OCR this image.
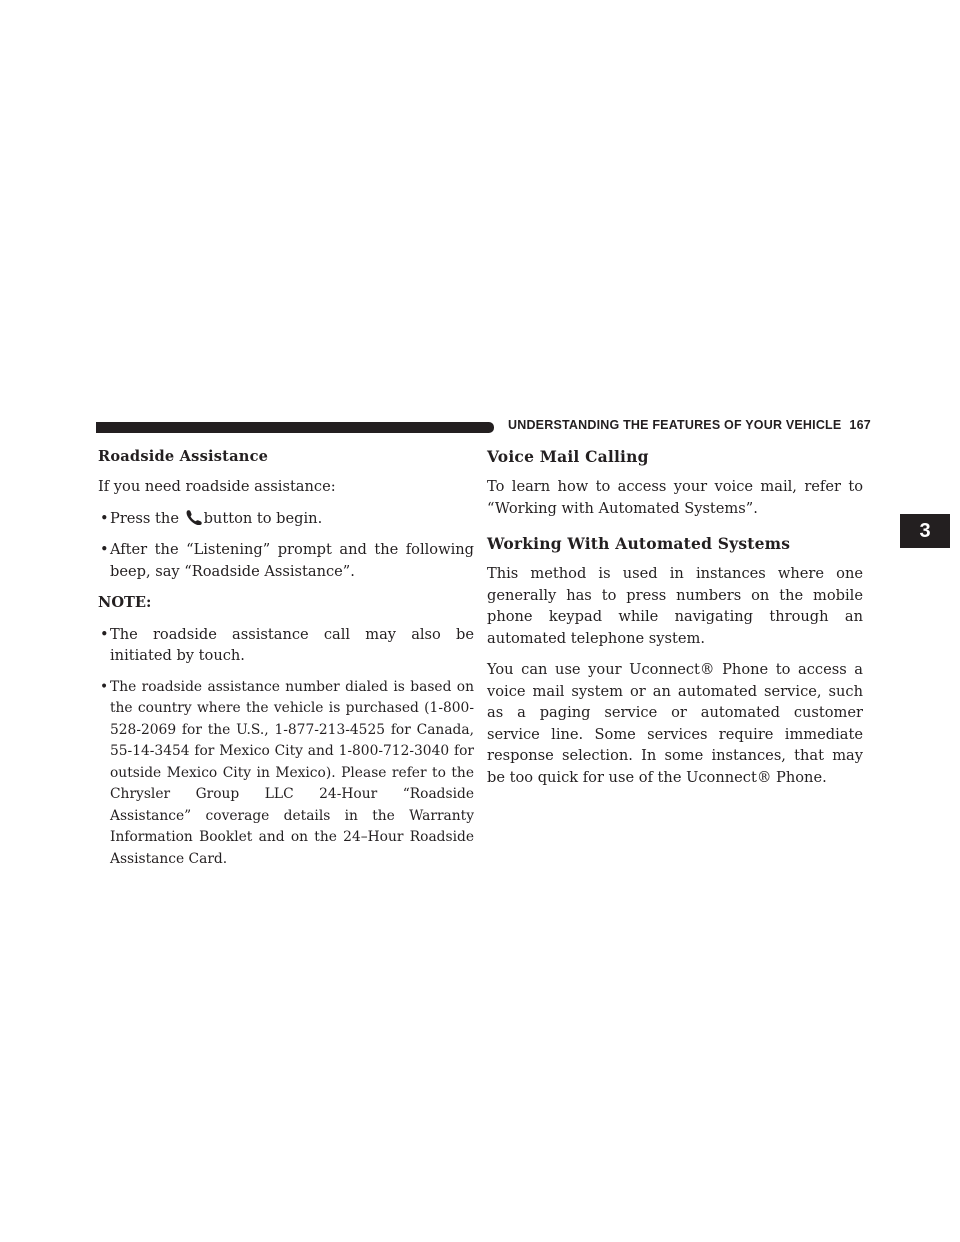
UNDERSTANDING THE FEATURES OF YOUR VEHICLE 167
3
Roadside Assistance

If you need roadside assistance:

• Press the button to begin.
• After the “Listening” prompt and the following beep, say “Roadside Assistance”.
NOTE:
• The roadside assistance call may also be initiated by touch.
• The roadside assistance number dialed is based on the country where the vehicle is purchased (1-800-528-2069 for the U.S., 1-877-213-4525 for Canada, 55-14-3454 for Mexico City and 1-800-712-3040 for outside Mexico City in Mexico). Please refer to the Chrysler Group LLC 24-Hour “Roadside Assistance” coverage details in the Warranty Information Booklet and on the 24–Hour Roadside Assistance Card.
Voice Mail Calling

To learn how to access your voice mail, refer to “Working with Automated Systems”.

Working With Automated Systems

This method is used in instances where one generally has to press numbers on the mobile phone keypad while navigating through an automated telephone system.

You can use your Uconnect® Phone to access a voice mail system or an automated service, such as a paging service or automated customer service line. Some services require immediate response selection. In some instances, that may be too quick for use of the Uconnect® Phone.
